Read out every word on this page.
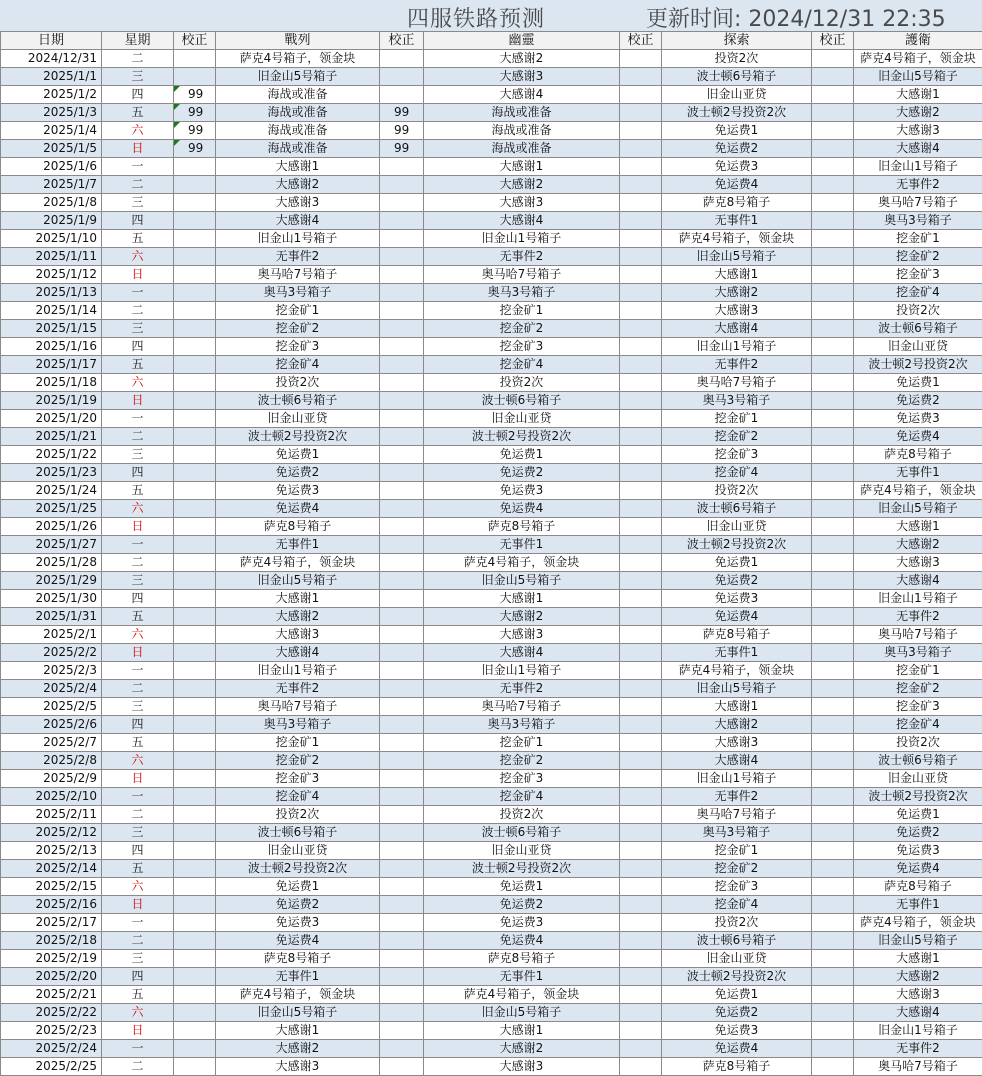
四服铁路预测	更新时间: 2024/12/31 22:35
日期	星期	校正	戰列	校正	幽靈	校正	探索	校正	護衛
2024/12/31	二		萨克4号箱子，领金块		大感谢2		投资2次		萨克4号箱子，领金块
2025/1/1	三		旧金山5号箱子		大感谢3		波士顿6号箱子		旧金山5号箱子
2025/1/2	四	99	海战或准备		大感谢4		旧金山亚贷		大感谢1
2025/1/3	五	99	海战或准备	99	海战或准备		波士顿2号投资2次		大感谢2
2025/1/4	六	99	海战或准备	99	海战或准备		免运费1		大感谢3
2025/1/5	日	99	海战或准备	99	海战或准备		免运费2		大感谢4
2025/1/6	一		大感谢1		大感谢1		免运费3		旧金山1号箱子
2025/1/7	二		大感谢2		大感谢2		免运费4		无事件2
2025/1/8	三		大感谢3		大感谢3		萨克8号箱子		奥马哈7号箱子
2025/1/9	四		大感谢4		大感谢4		无事件1		奥马3号箱子
2025/1/10	五		旧金山1号箱子		旧金山1号箱子		萨克4号箱子，领金块		挖金矿1
2025/1/11	六		无事件2		无事件2		旧金山5号箱子		挖金矿2
2025/1/12	日		奥马哈7号箱子		奥马哈7号箱子		大感谢1		挖金矿3
2025/1/13	一		奥马3号箱子		奥马3号箱子		大感谢2		挖金矿4
2025/1/14	二		挖金矿1		挖金矿1		大感谢3		投资2次
2025/1/15	三		挖金矿2		挖金矿2		大感谢4		波士顿6号箱子
2025/1/16	四		挖金矿3		挖金矿3		旧金山1号箱子		旧金山亚贷
2025/1/17	五		挖金矿4		挖金矿4		无事件2		波士顿2号投资2次
2025/1/18	六		投资2次		投资2次		奥马哈7号箱子		免运费1
2025/1/19	日		波士顿6号箱子		波士顿6号箱子		奥马3号箱子		免运费2
2025/1/20	一		旧金山亚贷		旧金山亚贷		挖金矿1		免运费3
2025/1/21	二		波士顿2号投资2次		波士顿2号投资2次		挖金矿2		免运费4
2025/1/22	三		免运费1		免运费1		挖金矿3		萨克8号箱子
2025/1/23	四		免运费2		免运费2		挖金矿4		无事件1
2025/1/24	五		免运费3		免运费3		投资2次		萨克4号箱子，领金块
2025/1/25	六		免运费4		免运费4		波士顿6号箱子		旧金山5号箱子
2025/1/26	日		萨克8号箱子		萨克8号箱子		旧金山亚贷		大感谢1
2025/1/27	一		无事件1		无事件1		波士顿2号投资2次		大感谢2
2025/1/28	二		萨克4号箱子，领金块		萨克4号箱子，领金块		免运费1		大感谢3
2025/1/29	三		旧金山5号箱子		旧金山5号箱子		免运费2		大感谢4
2025/1/30	四		大感谢1		大感谢1		免运费3		旧金山1号箱子
2025/1/31	五		大感谢2		大感谢2		免运费4		无事件2
2025/2/1	六		大感谢3		大感谢3		萨克8号箱子		奥马哈7号箱子
2025/2/2	日		大感谢4		大感谢4		无事件1		奥马3号箱子
2025/2/3	一		旧金山1号箱子		旧金山1号箱子		萨克4号箱子，领金块		挖金矿1
2025/2/4	二		无事件2		无事件2		旧金山5号箱子		挖金矿2
2025/2/5	三		奥马哈7号箱子		奥马哈7号箱子		大感谢1		挖金矿3
2025/2/6	四		奥马3号箱子		奥马3号箱子		大感谢2		挖金矿4
2025/2/7	五		挖金矿1		挖金矿1		大感谢3		投资2次
2025/2/8	六		挖金矿2		挖金矿2		大感谢4		波士顿6号箱子
2025/2/9	日		挖金矿3		挖金矿3		旧金山1号箱子		旧金山亚贷
2025/2/10	一		挖金矿4		挖金矿4		无事件2		波士顿2号投资2次
2025/2/11	二		投资2次		投资2次		奥马哈7号箱子		免运费1
2025/2/12	三		波士顿6号箱子		波士顿6号箱子		奥马3号箱子		免运费2
2025/2/13	四		旧金山亚贷		旧金山亚贷		挖金矿1		免运费3
2025/2/14	五		波士顿2号投资2次		波士顿2号投资2次		挖金矿2		免运费4
2025/2/15	六		免运费1		免运费1		挖金矿3		萨克8号箱子
2025/2/16	日		免运费2		免运费2		挖金矿4		无事件1
2025/2/17	一		免运费3		免运费3		投资2次		萨克4号箱子，领金块
2025/2/18	二		免运费4		免运费4		波士顿6号箱子		旧金山5号箱子
2025/2/19	三		萨克8号箱子		萨克8号箱子		旧金山亚贷		大感谢1
2025/2/20	四		无事件1		无事件1		波士顿2号投资2次		大感谢2
2025/2/21	五		萨克4号箱子，领金块		萨克4号箱子，领金块		免运费1		大感谢3
2025/2/22	六		旧金山5号箱子		旧金山5号箱子		免运费2		大感谢4
2025/2/23	日		大感谢1		大感谢1		免运费3		旧金山1号箱子
2025/2/24	一		大感谢2		大感谢2		免运费4		无事件2
2025/2/25	二		大感谢3		大感谢3		萨克8号箱子		奥马哈7号箱子
